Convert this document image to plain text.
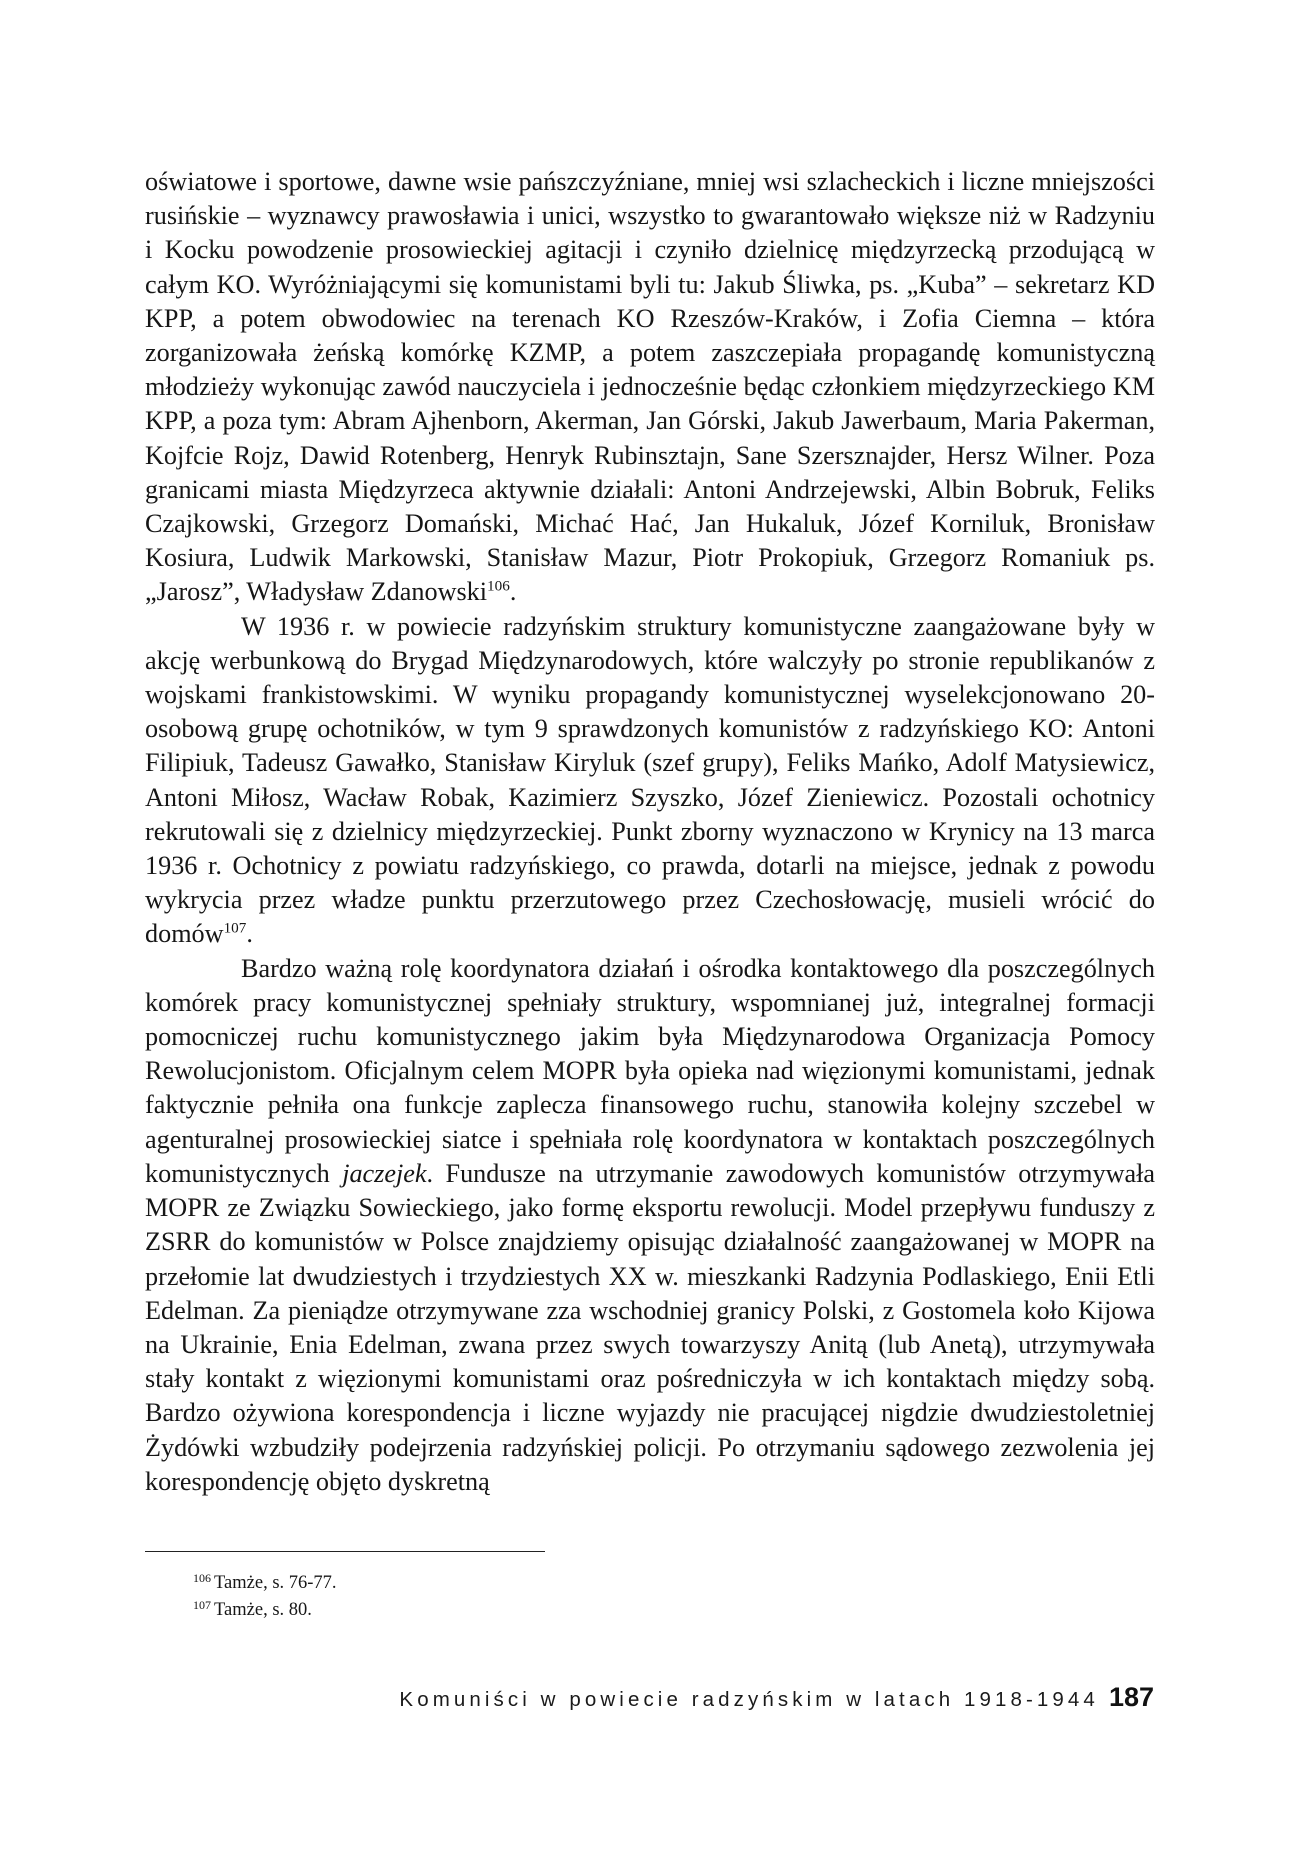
oświatowe i sportowe, dawne wsie pańszczyźniane, mniej wsi szlacheckich i liczne mniejszości rusińskie – wyznawcy prawosławia i unici, wszystko to gwarantowało większe niż w Radzyniu i Kocku powodzenie prosowieckiej agitacji i czyniło dzielnicę międzyrzecką przodującą w całym KO. Wyróżniającymi się komunistami byli tu: Jakub Śliwka, ps. „Kuba” – sekretarz KD KPP, a potem obwodowiec na terenach KO Rzeszów-Kraków, i Zofia Ciemna – która zorganizowała żeńską komórkę KZMP, a potem zaszczepiała propagandę komunistyczną młodzieży wykonując zawód nauczyciela i jednocześnie będąc członkiem międzyrzeckiego KM KPP, a poza tym: Abram Ajhenborn, Akerman, Jan Górski, Jakub Jawerbaum, Maria Pakerman, Kojfcie Rojz, Dawid Rotenberg, Henryk Rubinsztajn, Sane Szersznajder, Hersz Wilner. Poza granicami miasta Międzyrzeca aktywnie działali: Antoni Andrzejewski, Albin Bobruk, Feliks Czajkowski, Grzegorz Domański, Michać Hać, Jan Hukaluk, Józef Korniluk, Bronisław Kosiura, Ludwik Markowski, Stanisław Mazur, Piotr Prokopiuk, Grzegorz Romaniuk ps. „Jarosz”, Władysław Zdanowski$^{106}$.

W 1936 r. w powiecie radzyńskim struktury komunistyczne zaangażowane były w akcję werbunkową do Brygad Międzynarodowych, które walczyły po stronie republikanów z wojskami frankistowskimi. W wyniku propagandy komunistycznej wyselekcjonowano 20-osobową grupę ochotników, w tym 9 sprawdzonych komunistów z radzyńskiego KO: Antoni Filipiuk, Tadeusz Gawałko, Stanisław Kiryluk (szef grupy), Feliks Mańko, Adolf Matysiewicz, Antoni Miłosz, Wacław Robak, Kazimierz Szyszko, Józef Zieniewicz. Pozostali ochotnicy rekrutowali się z dzielnicy międzyrzeckiej. Punkt zborny wyznaczono w Krynicy na 13 marca 1936 r. Ochotnicy z powiatu radzyńskiego, co prawda, dotarli na miejsce, jednak z powodu wykrycia przez władze punktu przerzutowego przez Czechosłowację, musieli wrócić do domów$^{107}$.

Bardzo ważną rolę koordynatora działań i ośrodka kontaktowego dla poszczególnych komórek pracy komunistycznej spełniały struktury, wspomnianej już, integralnej formacji pomocniczej ruchu komunistycznego jakim była Międzynarodowa Organizacja Pomocy Rewolucjonistom. Oficjalnym celem MOPR była opieka nad więzionymi komunistami, jednak faktycznie pełniła ona funkcje zaplecza finansowego ruchu, stanowiła kolejny szczebel w agenturalnej prosowieckiej siatce i spełniała rolę koordynatora w kontaktach poszczególnych komunistycznych jaczejek. Fundusze na utrzymanie zawodowych komunistów otrzymywała MOPR ze Związku Sowieckiego, jako formę eksportu rewolucji. Model przepływu funduszy z ZSRR do komunistów w Polsce znajdziemy opisując działalność zaangażowanej w MOPR na przełomie lat dwudziestych i trzydziestych XX w. mieszkanki Radzynia Podlaskiego, Enii Etli Edelman. Za pieniądze otrzymywane zza wschodniej granicy Polski, z Gostomela koło Kijowa na Ukrainie, Enia Edelman, zwana przez swych towarzyszy Anitą (lub Anetą), utrzymywała stały kontakt z więzionymi komunistami oraz pośredniczyła w ich kontaktach między sobą. Bardzo ożywiona korespondencja i liczne wyjazdy nie pracującej nigdzie dwudziestoletniej Żydówki wzbudziły podejrzenia radzyńskiej policji. Po otrzymaniu sądowego zezwolenia jej korespondencję objęto dyskretną

$^{106}$ Tamże, s. 76-77.

$^{107}$ Tamże, s. 80.

Komuniści w powiecie radzyńskim w latach 1918-1944 187
